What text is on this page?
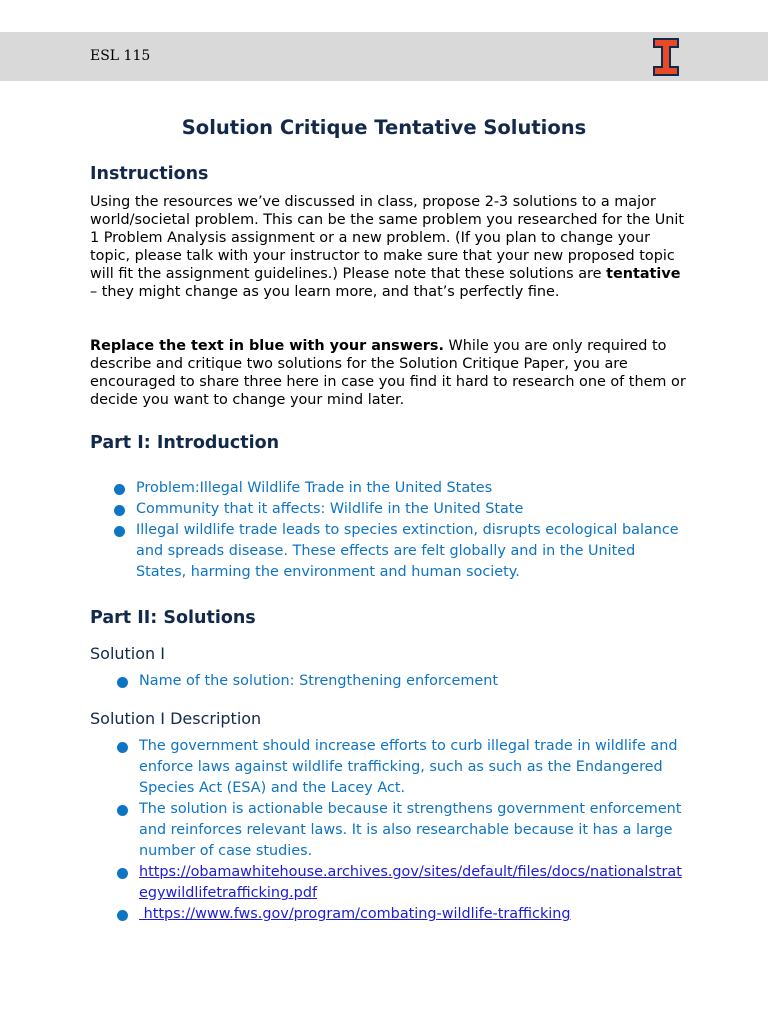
ESL 115
Solution Critique Tentative Solutions
Instructions

Using the resources we’ve discussed in class, propose 2-3 solutions to a major world/societal problem. This can be the same problem you researched for the Unit 1 Problem Analysis assignment or a new problem. (If you plan to change your topic, please talk with your instructor to make sure that your new proposed topic will fit the assignment guidelines.) Please note that these solutions are tentative – they might change as you learn more, and that’s perfectly fine.

Replace the text in blue with your answers. While you are only required to describe and critique two solutions for the Solution Critique Paper, you are encouraged to share three here in case you find it hard to research one of them or decide you want to change your mind later.

Part I: Introduction
Problem:Illegal Wildlife Trade in the United States
Community that it affects: Wildlife in the United State
Illegal wildlife trade leads to species extinction, disrupts ecological balance and spreads disease. These effects are felt globally and in the United States, harming the environment and human society.
Part II: Solutions
Solution I
Name of the solution: Strengthening enforcement
Solution I Description
The government should increase efforts to curb illegal trade in wildlife and enforce laws against wildlife trafficking, such as such as the Endangered Species Act (ESA) and the Lacey Act.
The solution is actionable because it strengthens government enforcement and reinforces relevant laws. It is also researchable because it has a large number of case studies.
https://obamawhitehouse.archives.gov/sites/default/files/docs/nationalstrategywildlifetrafficking.pdf
https://www.fws.gov/program/combating-wildlife-trafficking
